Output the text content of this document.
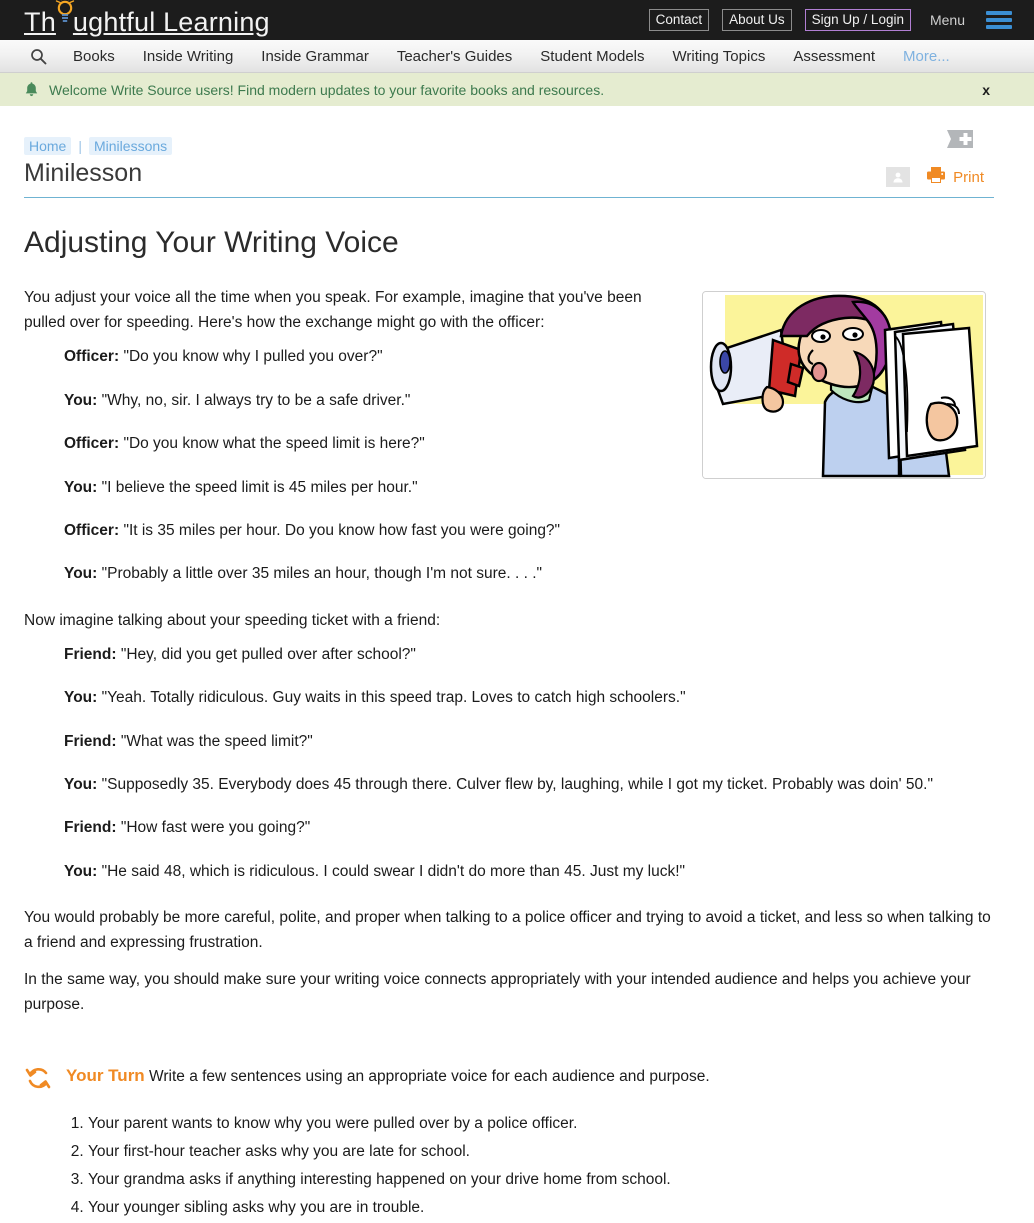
Th ughtful Learning	Contact	About Us	Sign Up / Login	Menu
Books	Inside Writing	Inside Grammar	Teacher's Guides	Student Models	Writing Topics	Assessment	More...
Welcome Write Source users! Find modern updates to your favorite books and resources.	x
Home | Minilessons
Minilesson	Print
Adjusting Your Writing Voice

You adjust your voice all the time when you speak. For example, imagine that you've been pulled over for speeding. Here's how the exchange might go with the officer:

Officer: "Do you know why I pulled you over?"
You: "Why, no, sir. I always try to be a safe driver."
Officer: "Do you know what the speed limit is here?"
You: "I believe the speed limit is 45 miles per hour."
Officer: "It is 35 miles per hour. Do you know how fast you were going?"
You: "Probably a little over 35 miles an hour, though I'm not sure. . . ."

Now imagine talking about your speeding ticket with a friend:

Friend: "Hey, did you get pulled over after school?"
You: "Yeah. Totally ridiculous. Guy waits in this speed trap. Loves to catch high schoolers."
Friend: "What was the speed limit?"
You: "Supposedly 35. Everybody does 45 through there. Culver flew by, laughing, while I got my ticket. Probably was doin' 50."
Friend: "How fast were you going?"
You: "He said 48, which is ridiculous. I could swear I didn't do more than 45. Just my luck!"

You would probably be more careful, polite, and proper when talking to a police officer and trying to avoid a ticket, and less so when talking to a friend and expressing frustration.

In the same way, you should make sure your writing voice connects appropriately with your intended audience and helps you achieve your purpose.

Your Turn Write a few sentences using an appropriate voice for each audience and purpose.
1. Your parent wants to know why you were pulled over by a police officer.
2. Your first-hour teacher asks why you are late for school.
3. Your grandma asks if anything interesting happened on your drive home from school.
4. Your younger sibling asks why you are in trouble.
